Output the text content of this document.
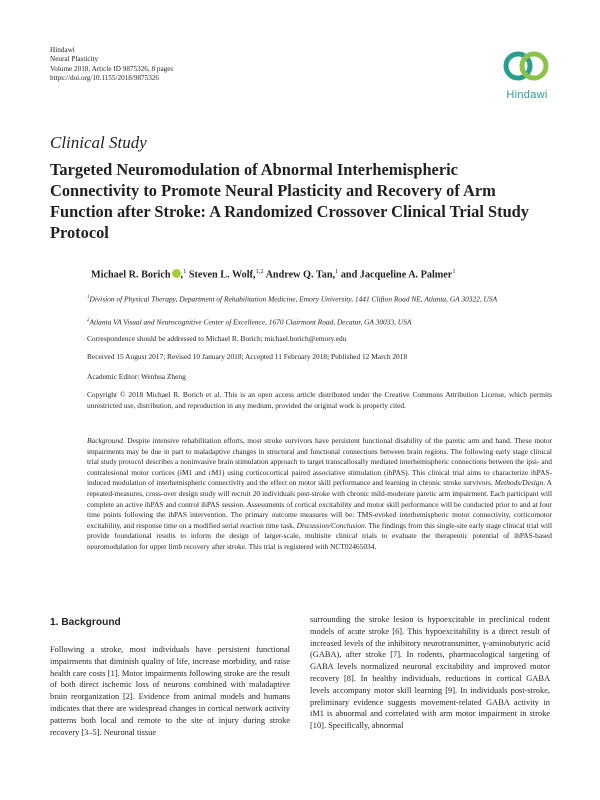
Hindawi
Neural Plasticity
Volume 2018, Article ID 9875326, 8 pages
https://doi.org/10.1155/2018/9875326
Hindawi
Clinical Study
Targeted Neuromodulation of Abnormal Interhemispheric Connectivity to Promote Neural Plasticity and Recovery of Arm Function after Stroke: A Randomized Crossover Clinical Trial Study Protocol
Michael R. Borich ,$^1$ Steven L. Wolf,$^{1,2}$ Andrew Q. Tan,$^1$ and Jacqueline A. Palmer$^1$
$^1$Division of Physical Therapy, Department of Rehabilitation Medicine, Emory University, 1441 Clifton Road NE, Atlanta, GA 30322, USA
$^2$Atlanta VA Visual and Neurocognitive Center of Excellence, 1670 Clairmont Road, Decatur, GA 30033, USA
Correspondence should be addressed to Michael R. Borich; michael.borich@emory.edu
Received 15 August 2017; Revised 10 January 2018; Accepted 11 February 2018; Published 12 March 2018
Academic Editor: Wenhua Zheng
Copyright © 2018 Michael R. Borich et al. This is an open access article distributed under the Creative Commons Attribution License, which permits unrestricted use, distribution, and reproduction in any medium, provided the original work is properly cited.
Background. Despite intensive rehabilitation efforts, most stroke survivors have persistent functional disability of the paretic arm and hand. These motor impairments may be due in part to maladaptive changes in structural and functional connections between brain regions. The following early stage clinical trial study protocol describes a noninvasive brain stimulation approach to target transcallosally mediated interhemispheric connections between the ipsi- and contralesional motor cortices (iM1 and cM1) using corticocortical paired associative stimulation (ihPAS). This clinical trial aims to characterize ihPAS-induced modulation of interhemispheric connectivity and the effect on motor skill performance and learning in chronic stroke survivors. Methods/Design. A repeated-measures, cross-over design study will recruit 20 individuals post-stroke with chronic mild-moderate paretic arm impairment. Each participant will complete an active ihPAS and control ihPAS session. Assessments of cortical excitability and motor skill performance will be conducted prior to and at four time points following the ihPAS intervention. The primary outcome measures will be: TMS-evoked interhemispheric motor connectivity, corticomotor excitability, and response time on a modified serial reaction time task. Discussion/Conclusion. The findings from this single-site early stage clinical trial will provide foundational results to inform the design of larger-scale, multisite clinical trials to evaluate the therapeutic potential of ihPAS-based neuromodulation for upper limb recovery after stroke. This trial is registered with NCT02465034.
1. Background
Following a stroke, most individuals have persistent functional impairments that diminish quality of life, increase morbidity, and raise health care costs [1]. Motor impairments following stroke are the result of both direct ischemic loss of neurons combined with maladaptive brain reorganization [2]. Evidence from animal models and humans indicates that there are widespread changes in cortical network activity patterns both local and remote to the site of injury during stroke recovery [3–5]. Neuronal tissue
surrounding the stroke lesion is hypoexcitable in preclinical rodent models of acute stroke [6]. This hypoexcitability is a direct result of increased levels of the inhibitory neurotransmitter, γ-aminobutyric acid (GABA), after stroke [7]. In rodents, pharmacological targeting of GABA levels normalized neuronal excitability and improved motor recovery [8]. In healthy individuals, reductions in cortical GABA levels accompany motor skill learning [9]. In individuals post-stroke, preliminary evidence suggests movement-related GABA activity in iM1 is abnormal and correlated with arm motor impairment in stroke [10]. Specifically, abnormal
